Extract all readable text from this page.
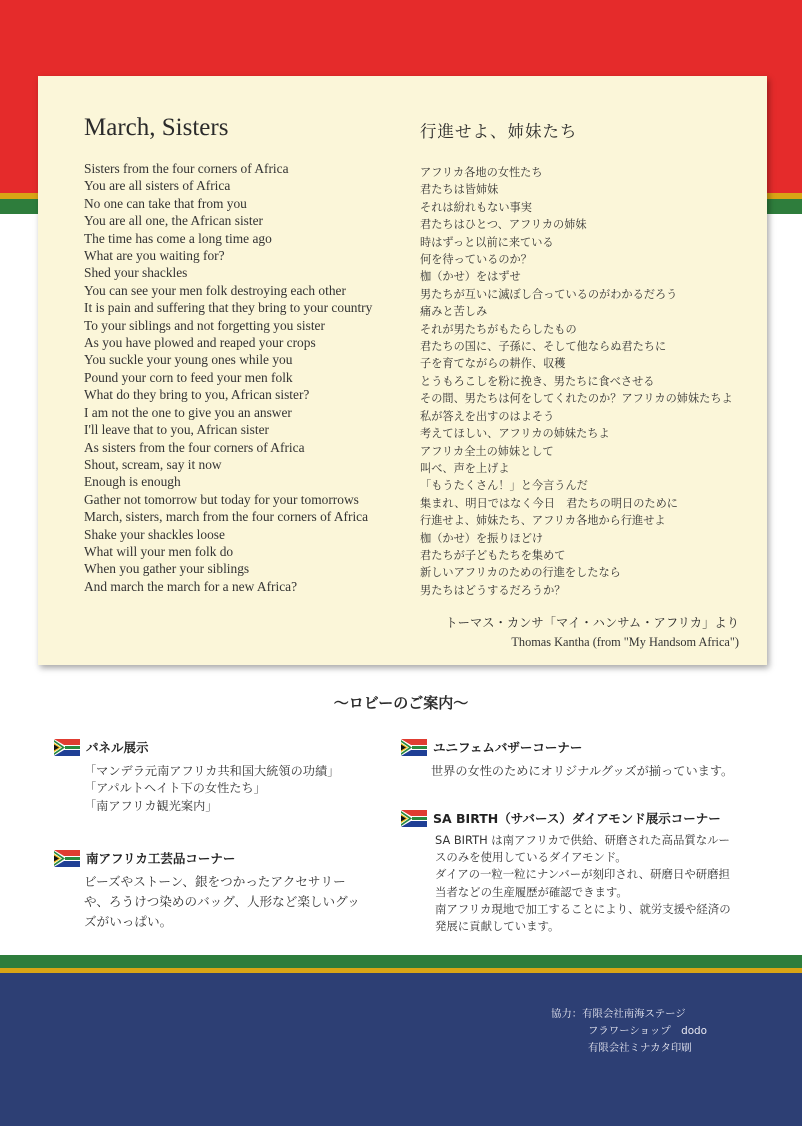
March, Sisters
Sisters from the four corners of Africa
You are all sisters of Africa
No one can take that from you
You are all one, the African sister
The time has come a long time ago
What are you waiting for?
Shed your shackles
You can see your men folk destroying each other
It is pain and suffering that they bring to your country
To your siblings and not forgetting you sister
As you have plowed and reaped your crops
You suckle your young ones while you
Pound your corn to feed your men folk
What do they bring to you, African sister?
I am not the one to give you an answer
I'll leave that to you, African sister
As sisters from the four corners of Africa
Shout, scream, say it now
Enough is enough
Gather not tomorrow but today for your tomorrows
March, sisters, march from the four corners of Africa
Shake your shackles loose
What will your men folk do
When you gather your siblings
And march the march for a new Africa?
行進せよ、姉妹たち
アフリカ各地の女性たち
君たちは皆姉妹
それは紛れもない事実
君たちはひとつ、アフリカの姉妹
時はずっと以前に来ている
何を待っているのか？
枷（かせ）をはずせ
男たちが互いに滅ぼし合っているのがわかるだろう
痛みと苦しみ
それが男たちがもたらしたもの
君たちの国に、子孫に、そして他ならぬ君たちに
子を育てながらの耕作、収穫
とうもろこしを粉に挽き、男たちに食べさせる
その間、男たちは何をしてくれたのか？アフリカの姉妹たちよ
私が答えを出すのはよそう
考えてほしい、アフリカの姉妹たちよ
アフリカ全土の姉妹として
叫べ、声を上げよ
「もうたくさん！」と今言うんだ
集まれ、明日ではなく今日　君たちの明日のために
行進せよ、姉妹たち、アフリカ各地から行進せよ
枷（かせ）を振りほどけ
君たちが子どもたちを集めて
新しいアフリカのための行進をしたなら
男たちはどうするだろうか？
トーマス・カンサ「マイ・ハンサム・アフリカ」より
Thomas Kantha (from "My Handsom Africa")
～ロビーのご案内～
パネル展示
「マンデラ元南アフリカ共和国大統領の功績」
「アパルトヘイト下の女性たち」
「南アフリカ観光案内」
南アフリカ工芸品コーナー
ビーズやストーン、銀をつかったアクセサリー
や、ろうけつ染めのバッグ、人形など楽しいグッ
ズがいっぱい。
ユニフェムバザーコーナー
世界の女性のためにオリジナルグッズが揃っています。
SA BIRTH（サバース）ダイアモンド展示コーナー
SA BIRTH は南アフリカで供給、研磨された高品質なルー
スのみを使用しているダイアモンド。
ダイアの一粒一粒にナンバーが刻印され、研磨日や研磨担
当者などの生産履歴が確認できます。
南アフリカ現地で加工することにより、就労支援や経済の
発展に貢献しています。
協力：有限会社南海ステージ
フラワーショップ　dodo
有限会社ミナカタ印刷
